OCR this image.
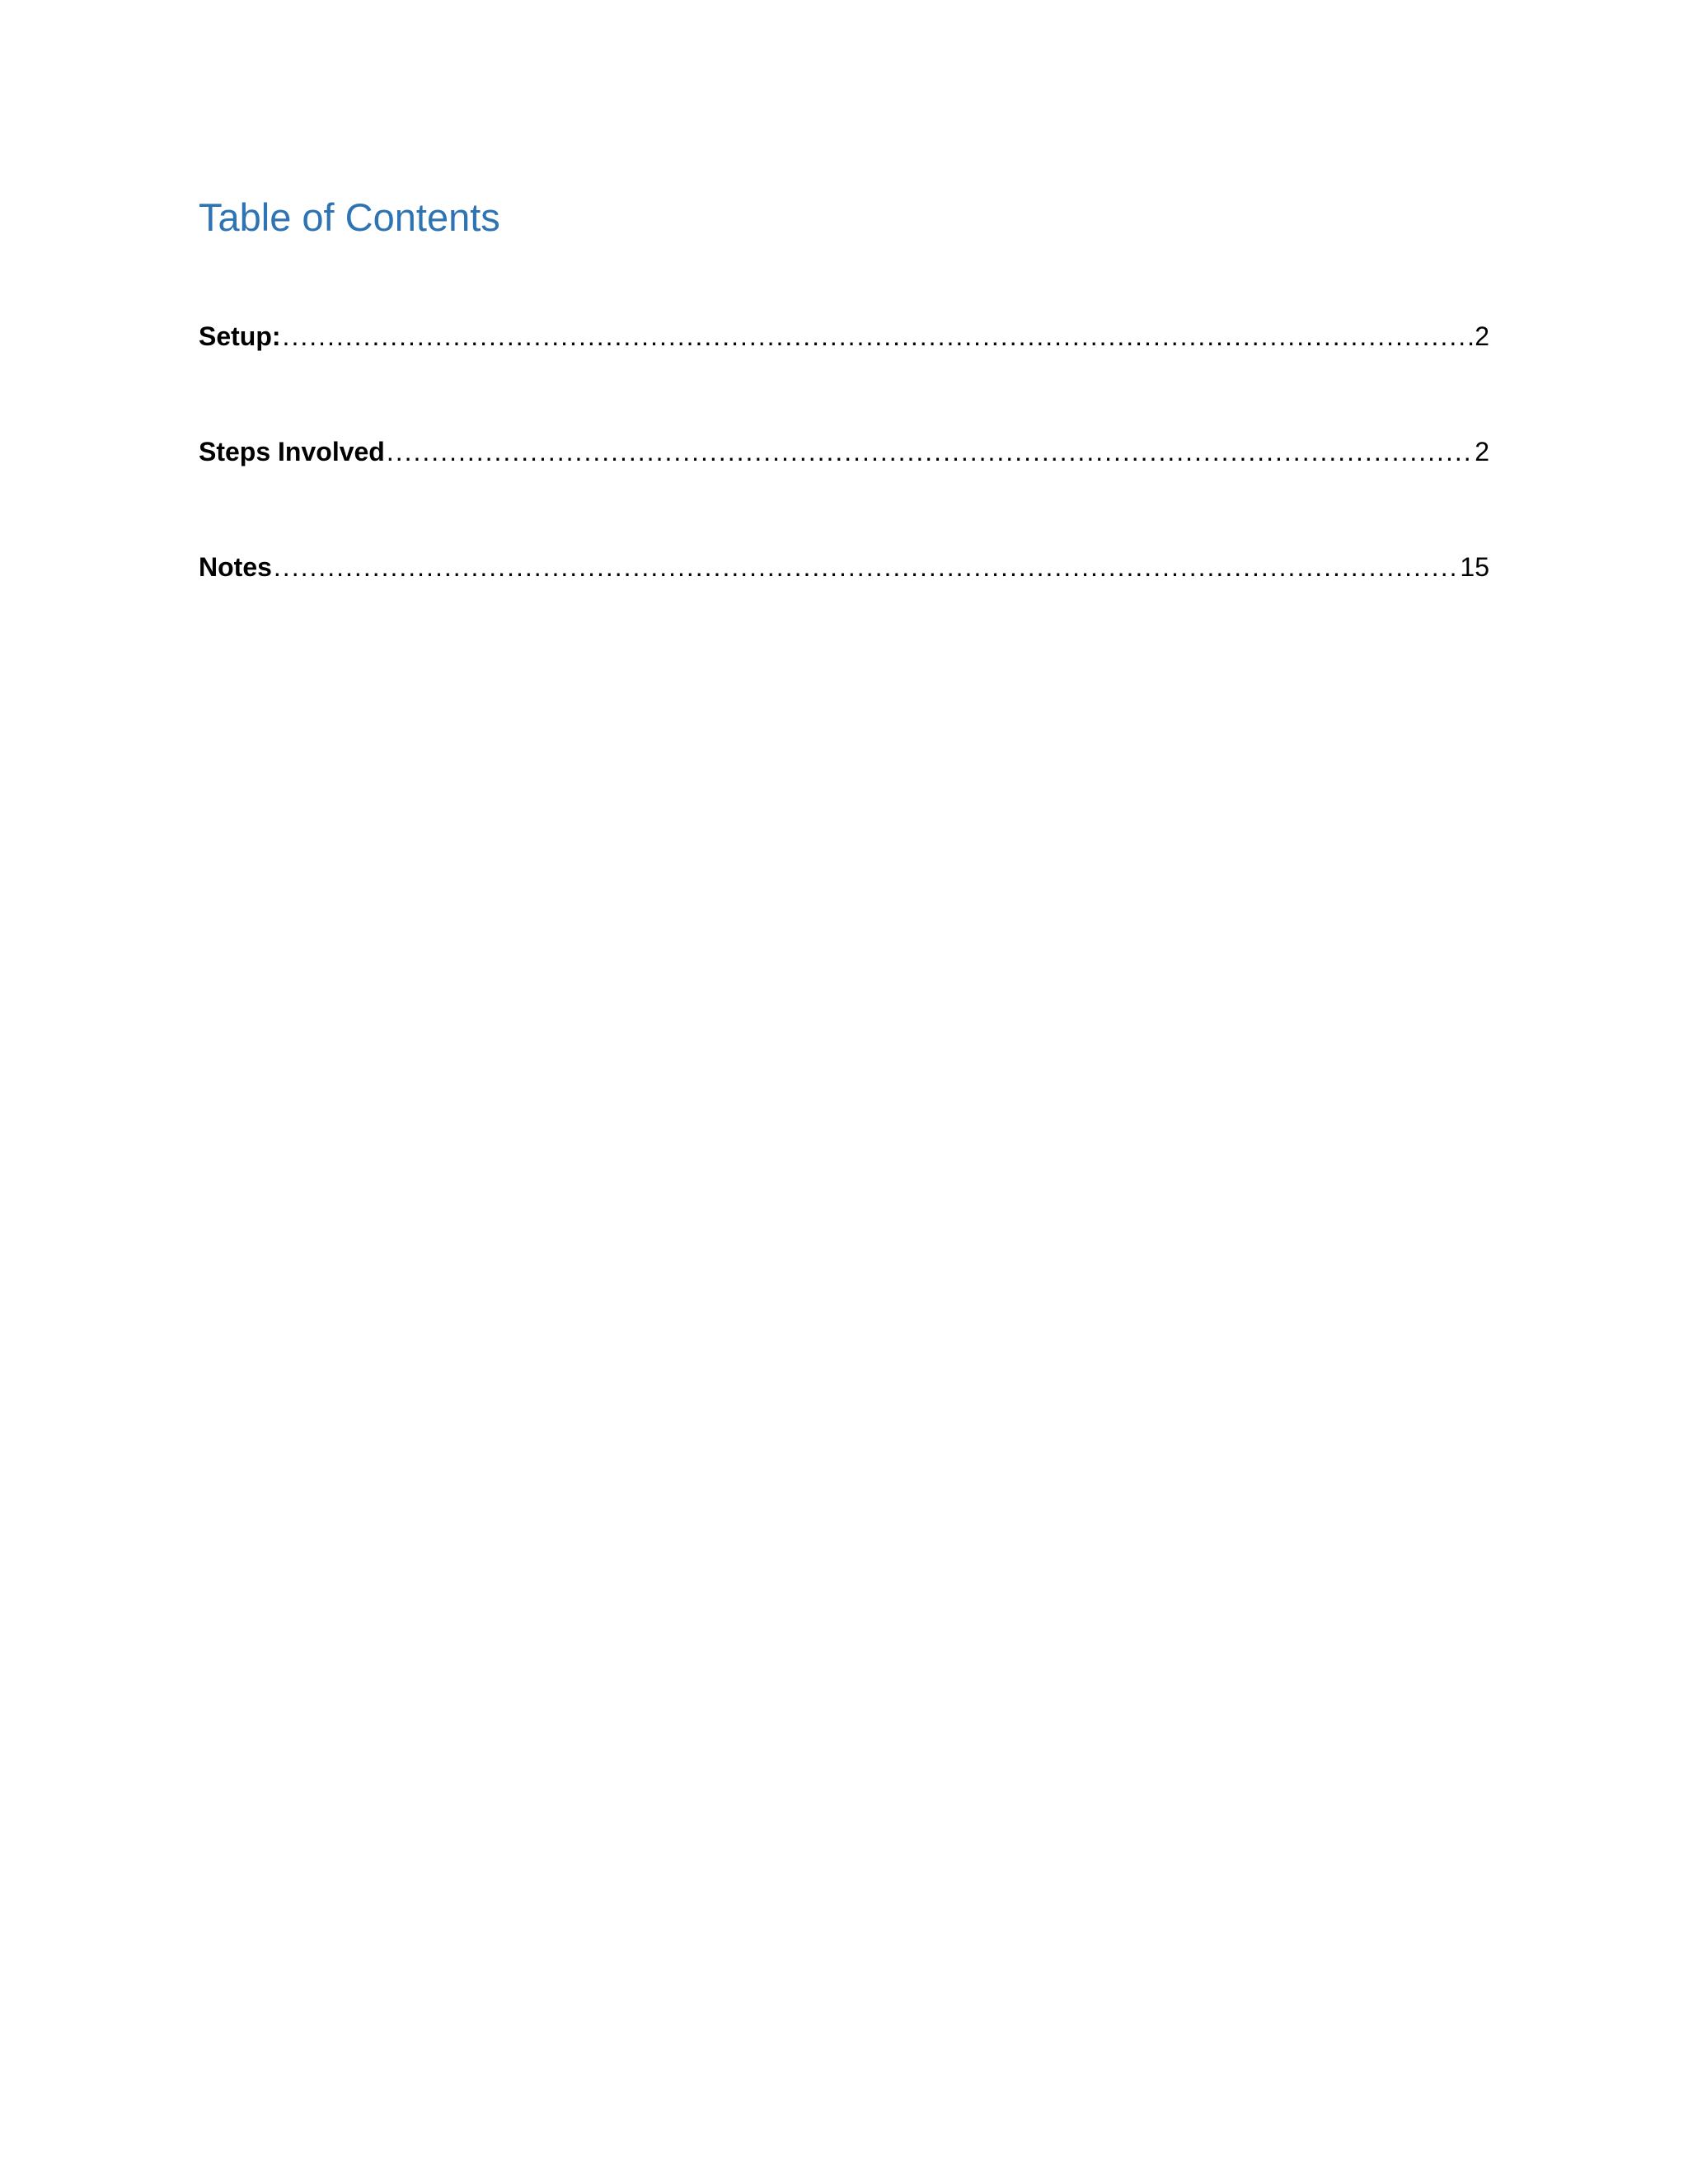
Table of Contents
Setup: .....	2
Steps Involved .....	2
Notes .....	15
